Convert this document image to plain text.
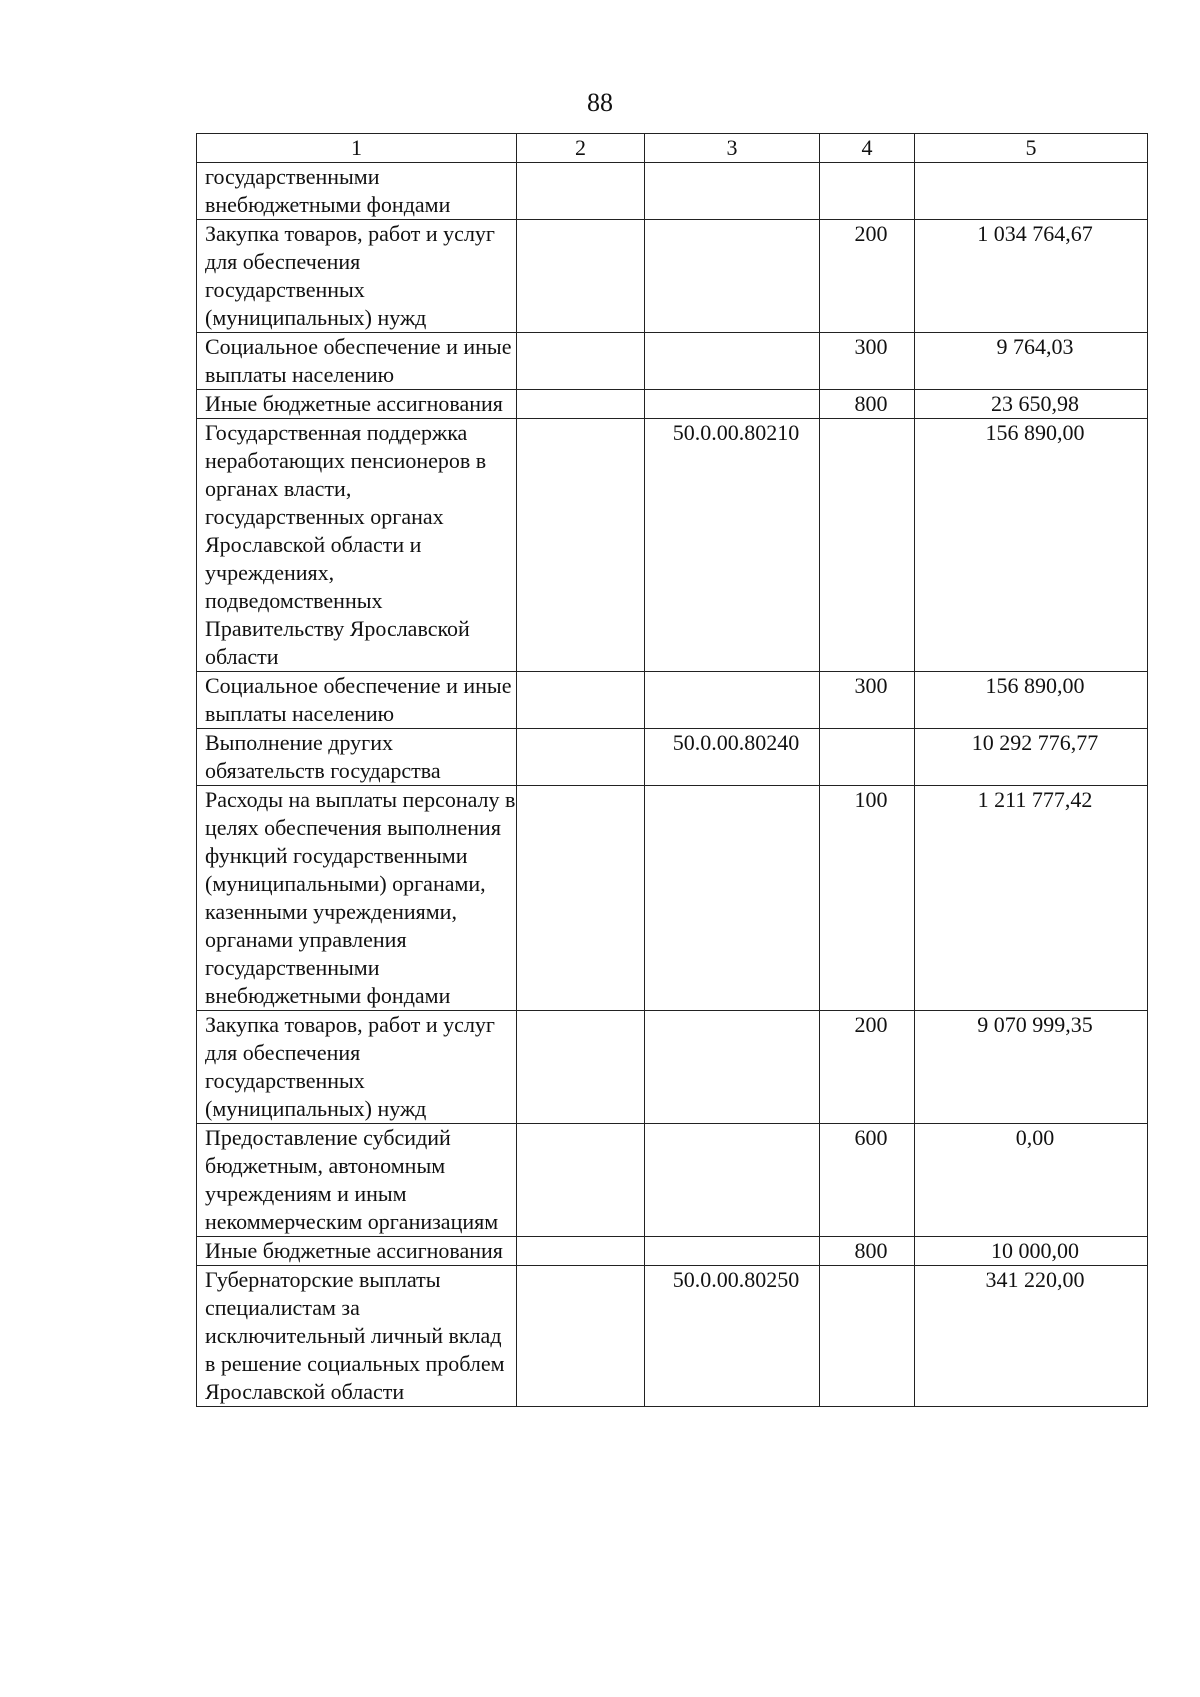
88
1	2	3	4	5
государственными внебюджетными фондами				
Закупка товаров, работ и услуг для обеспечения государственных (муниципальных) нужд			200	1 034 764,67
Социальное обеспечение и иные выплаты населению			300	9 764,03
Иные бюджетные ассигнования			800	23 650,98
Государственная поддержка неработающих пенсионеров в органах власти, государственных органах Ярославской области и учреждениях, подведомственных Правительству Ярославской области		50.0.00.80210		156 890,00
Социальное обеспечение и иные выплаты населению			300	156 890,00
Выполнение других обязательств государства		50.0.00.80240		10 292 776,77
Расходы на выплаты персоналу в целях обеспечения выполнения функций государственными (муниципальными) органами, казенными учреждениями, органами управления государственными внебюджетными фондами			100	1 211 777,42
Закупка товаров, работ и услуг для обеспечения государственных (муниципальных) нужд			200	9 070 999,35
Предоставление субсидий бюджетным, автономным учреждениям и иным некоммерческим организациям			600	0,00
Иные бюджетные ассигнования			800	10 000,00
Губернаторские выплаты специалистам за исключительный личный вклад в решение социальных проблем Ярославской области		50.0.00.80250		341 220,00
